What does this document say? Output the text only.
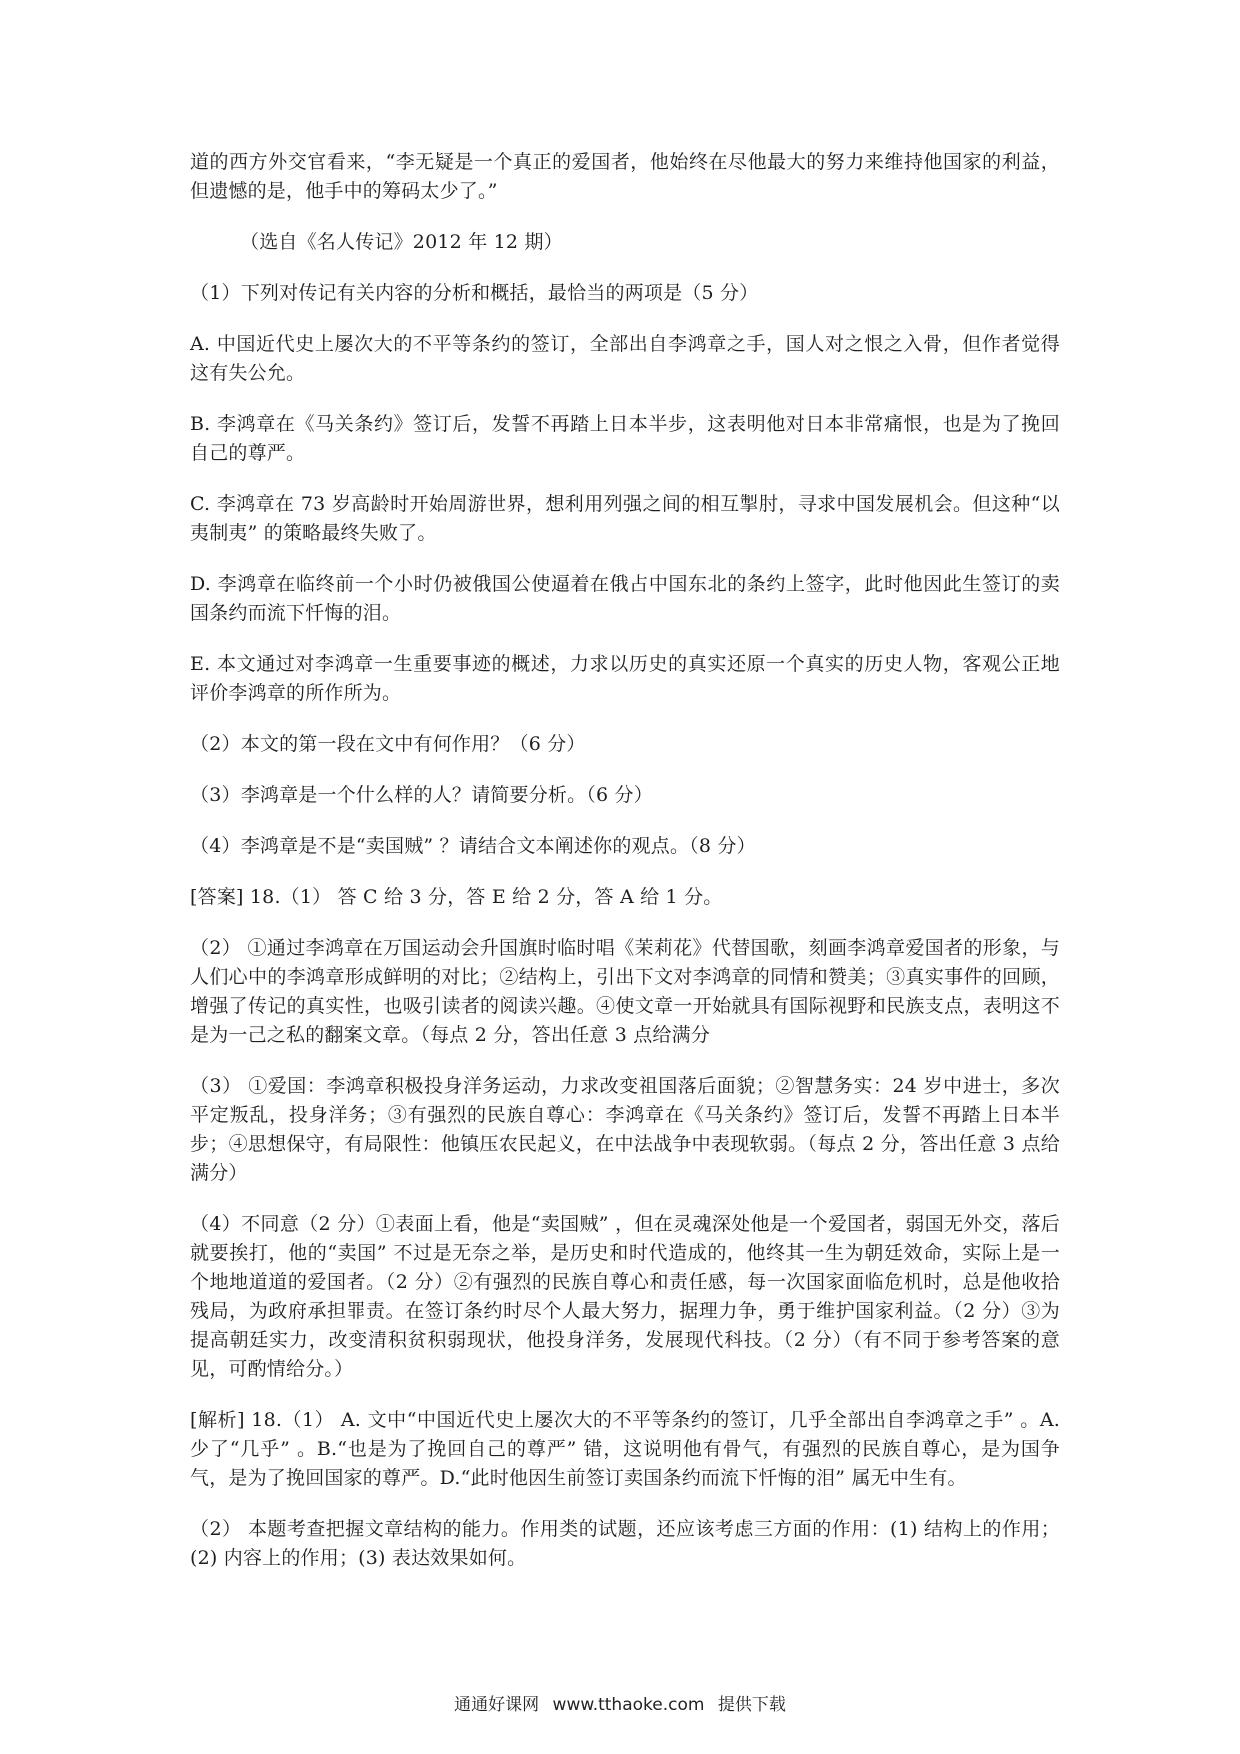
道的西方外交官看来，“李无疑是一个真正的爱国者，他始终在尽他最大的努力来维持他国家的利益，但遗憾的是，他手中的筹码太少了。”

（选自《名人传记》2012 年 12 期）

（1）下列对传记有关内容的分析和概括，最恰当的两项是（5 分）

A. 中国近代史上屡次大的不平等条约的签订，全部出自李鸿章之手，国人对之恨之入骨，但作者觉得这有失公允。

B. 李鸿章在《马关条约》签订后，发誓不再踏上日本半步，这表明他对日本非常痛恨，也是为了挽回自己的尊严。

C. 李鸿章在 73 岁高龄时开始周游世界，想利用列强之间的相互掣肘，寻求中国发展机会。但这种“以夷制夷” 的策略最终失败了。

D. 李鸿章在临终前一个小时仍被俄国公使逼着在俄占中国东北的条约上签字，此时他因此生签订的卖国条约而流下忏悔的泪。

E. 本文通过对李鸿章一生重要事迹的概述，力求以历史的真实还原一个真实的历史人物，客观公正地评价李鸿章的所作所为。

（2）本文的第一段在文中有何作用？（6 分）

（3）李鸿章是一个什么样的人？请简要分析。（6 分）

（4）李鸿章是不是“卖国贼” ？请结合文本阐述你的观点。（8 分）

[答案] 18.（1） 答 C 给 3 分，答 E 给 2 分，答 A 给 1 分。

（2） ①通过李鸿章在万国运动会升国旗时临时唱《茉莉花》代替国歌，刻画李鸿章爱国者的形象，与人们心中的李鸿章形成鲜明的对比；②结构上，引出下文对李鸿章的同情和赞美；③真实事件的回顾，增强了传记的真实性，也吸引读者的阅读兴趣。④使文章一开始就具有国际视野和民族支点，表明这不是为一己之私的翻案文章。（每点 2 分，答出任意 3 点给满分

（3） ①爱国：李鸿章积极投身洋务运动，力求改变祖国落后面貌；②智慧务实：24 岁中进士，多次平定叛乱，投身洋务；③有强烈的民族自尊心：李鸿章在《马关条约》签订后，发誓不再踏上日本半步；④思想保守，有局限性：他镇压农民起义，在中法战争中表现软弱。（每点 2 分，答出任意 3 点给满分）

（4）不同意（2 分）①表面上看，他是“卖国贼” ，但在灵魂深处他是一个爱国者，弱国无外交，落后就要挨打，他的“卖国” 不过是无奈之举，是历史和时代造成的，他终其一生为朝廷效命，实际上是一个地地道道的爱国者。（2 分）②有强烈的民族自尊心和责任感，每一次国家面临危机时，总是他收拾残局，为政府承担罪责。在签订条约时尽个人最大努力，据理力争，勇于维护国家利益。（2 分）③为提高朝廷实力，改变清积贫积弱现状，他投身洋务，发展现代科技。（2 分）（有不同于参考答案的意见，可酌情给分。）

[解析] 18.（1） A. 文中“中国近代史上屡次大的不平等条约的签订，几乎全部出自李鸿章之手” 。A. 少了“几乎” 。B.“也是为了挽回自己的尊严” 错，这说明他有骨气，有强烈的民族自尊心，是为国争气，是为了挽回国家的尊严。D.“此时他因生前签订卖国条约而流下忏悔的泪” 属无中生有。

（2） 本题考查把握文章结构的能力。作用类的试题，还应该考虑三方面的作用：(1) 结构上的作用；(2) 内容上的作用；(3) 表达效果如何。

通通好课网 www.tthaoke.com 提供下载
